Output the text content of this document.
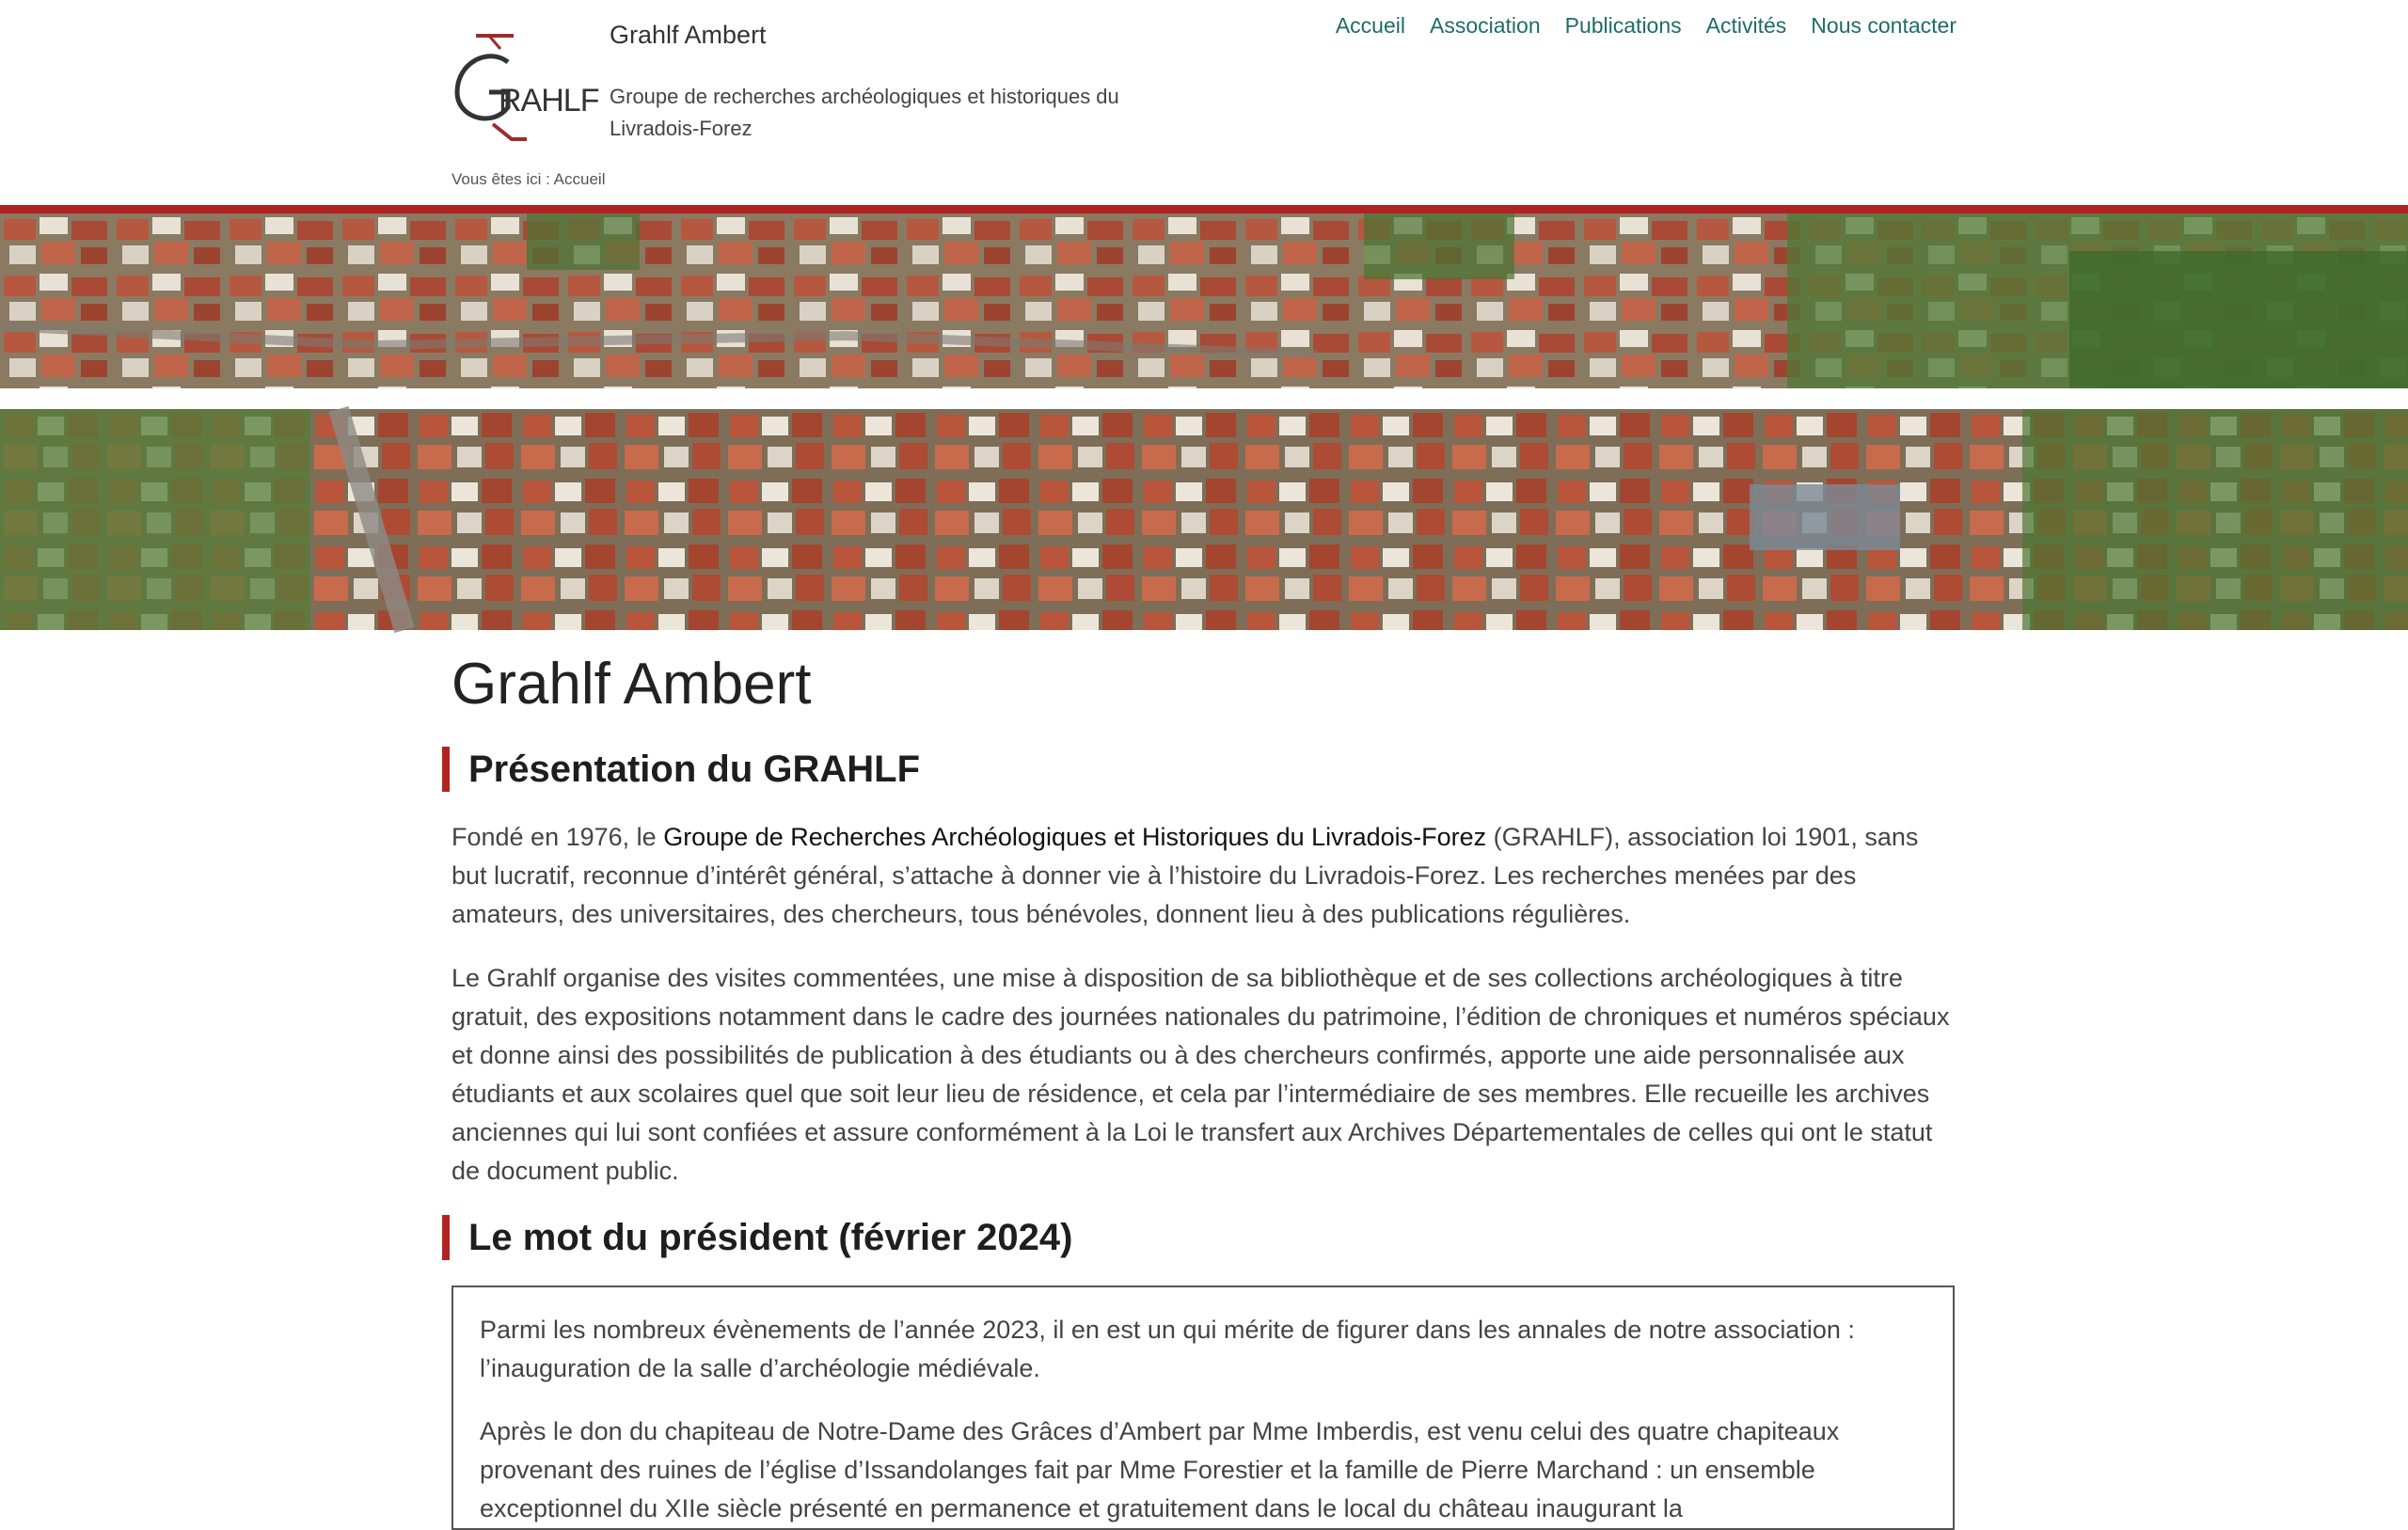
RAHLF
Grahlf Ambert
Groupe de recherches archéologiques et historiques du Livradois-Forez
Accueil Association Publications Activités Nous contacter
Vous êtes ici : Accueil
Grahlf Ambert
Présentation du GRAHLF

Fondé en 1976, le Groupe de Recherches Archéologiques et Historiques du Livradois-Forez (GRAHLF), association loi 1901, sans but lucratif, reconnue d’intérêt général, s’attache à donner vie à l’histoire du Livradois-Forez. Les recherches menées par des amateurs, des universitaires, des chercheurs, tous bénévoles, donnent lieu à des publications régulières.

Le Grahlf organise des visites commentées, une mise à disposition de sa bibliothèque et de ses collections archéologiques à titre gratuit, des expositions notamment dans le cadre des journées nationales du patrimoine, l’édition de chroniques et numéros spéciaux et donne ainsi des possibilités de publication à des étudiants ou à des chercheurs confirmés, apporte une aide personnalisée aux étudiants et aux scolaires quel que soit leur lieu de résidence, et cela par l’intermédiaire de ses membres. Elle recueille les archives anciennes qui lui sont confiées et assure conformément à la Loi le transfert aux Archives Départementales de celles qui ont le statut de document public.

Le mot du président (février 2024)

Parmi les nombreux évènements de l’année 2023, il en est un qui mérite de figurer dans les annales de notre association : l’inauguration de la salle d’archéologie médiévale.

Après le don du chapiteau de Notre-Dame des Grâces d’Ambert par Mme Imberdis, est venu celui des quatre chapiteaux provenant des ruines de l’église d’Issandolanges fait par Mme Forestier et la famille de Pierre Marchand : un ensemble exceptionnel du XIIe siècle présenté en permanence et gratuitement dans le local du château inaugurant la
